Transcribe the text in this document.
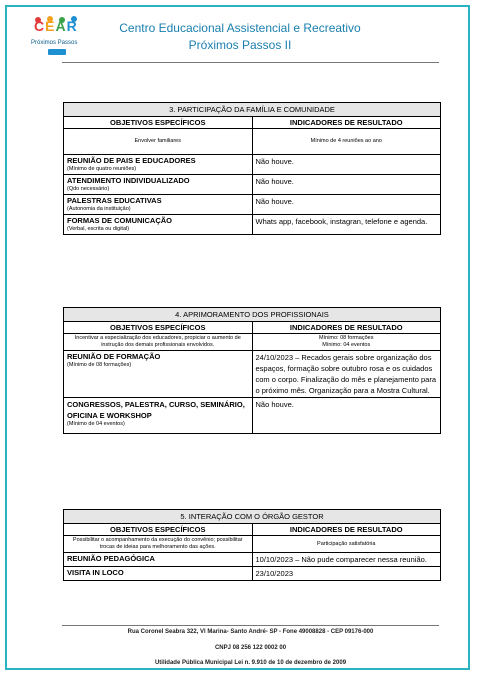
CEAR
Próximos Passos
Centro Educacional Assistencial e Recreativo
Próximos Passos II
3. PARTICIPAÇÃO DA FAMÍLIA E COMUNIDADE	
OBJETIVOS ESPECÍFICOS	INDICADORES DE RESULTADO
Envolver familiares	Mínimo de 4 reuniões ao ano
REUNIÃO DE PAIS E EDUCADORES
(Mínimo de quatro reuniões)	Não houve.
ATENDIMENTO INDIVIDUALIZADO
(Qdo necessário)	Não houve.
PALESTRAS EDUCATIVAS
(Autonomia da instituição)	Não houve.
FORMAS DE COMUNICAÇÃO
(Verbal, escrita ou digital)	Whats app, facebook, instagran, telefone e agenda.
4. APRIMORAMENTO DOS PROFISSIONAIS	
OBJETIVOS ESPECÍFICOS	INDICADORES DE RESULTADO
Incentivar a especialização dos educadores, propiciar o aumento de instrução dos demais profissionais envolvidos.	Mínimo: 08 formações
Mínimo: 04 eventos

REUNIÃO DE FORMAÇÃO
(Mínimo de 08 formações)	24/10/2023 – Recados gerais sobre organização dos espaços, formação sobre outubro rosa e os cuidados com o corpo. Finalização do mês e planejamento para o próximo mês. Organização para a Mostra Cultural.
CONGRESSOS, PALESTRA, CURSO, SEMINÁRIO, OFICINA E WORKSHOP
(Mínimo de 04 eventos)	Não houve.
5. INTERAÇÃO COM O ÓRGÃO GESTOR	
OBJETIVOS ESPECÍFICOS	INDICADORES DE RESULTADO
Possibilitar o acompanhamento da execução do convênio; possibilitar trocas de ideias para melhoramento das ações.	Participação satisfatória
REUNIÃO PEDAGÓGICA	10/10/2023 – Não pude comparecer nessa reunião.
VISITA IN LOCO	23/10/2023
Rua Coronel Seabra 322, Vl Marina- Santo André- SP - Fone 49008828 - CEP 09176-000
CNPJ 08 256 122 0002 00
Utilidade Pública Municipal Lei n. 9.910 de 10 de dezembro de 2009
